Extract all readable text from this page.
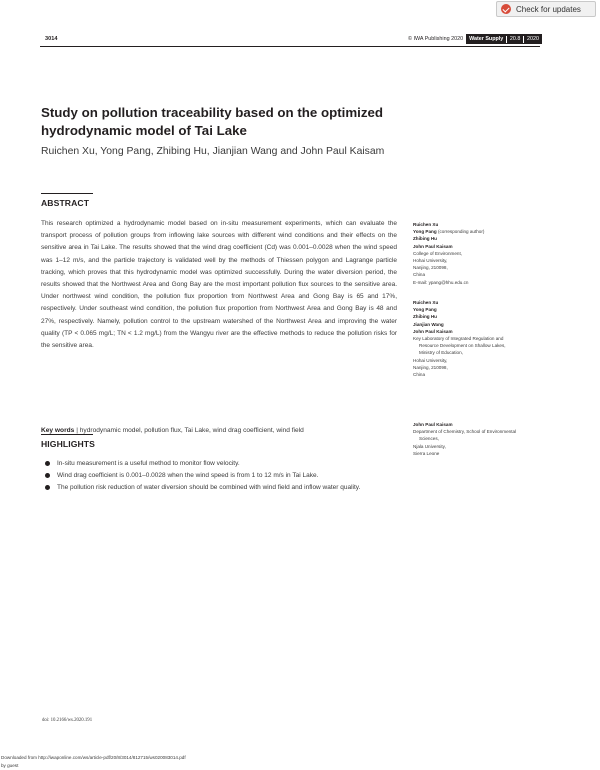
Check for updates
3014	© IWA Publishing 2020 Water Supply 20.8 2020
Study on pollution traceability based on the optimized hydrodynamic model of Tai Lake
Ruichen Xu, Yong Pang, Zhibing Hu, Jianjian Wang and John Paul Kaisam
ABSTRACT
This research optimized a hydrodynamic model based on in-situ measurement experiments, which can evaluate the transport process of pollution groups from inflowing lake sources with different wind conditions and their effects on the sensitive area in Tai Lake. The results showed that the wind drag coefficient (Cd) was 0.001–0.0028 when the wind speed was 1–12 m/s, and the particle trajectory is validated well by the methods of Thiessen polygon and Lagrange particle tracking, which proves that this hydrodynamic model was optimized successfully. During the water diversion period, the results showed that the Northwest Area and Gong Bay are the most important pollution flux sources to the sensitive area. Under northwest wind condition, the pollution flux proportion from Northwest Area and Gong Bay is 65 and 17%, respectively. Under southeast wind condition, the pollution flux proportion from Northwest Area and Gong Bay is 48 and 27%, respectively. Namely, pollution control to the upstream watershed of the Northwest Area and improving the water quality (TP < 0.065 mg/L; TN < 1.2 mg/L) from the Wangyu river are the effective methods to reduce the pollution risks for the sensitive area.
Key words | hydrodynamic model, pollution flux, Tai Lake, wind drag coefficient, wind field
HIGHLIGHTS
In-situ measurement is a useful method to monitor flow velocity.
Wind drag coefficient is 0.001–0.0028 when the wind speed is from 1 to 12 m/s in Tai Lake.
The pollution risk reduction of water diversion should be combined with wind field and inflow water quality.
Ruichen Xu
Yong Pang (corresponding author)
Zhibing Hu
John Paul Kaisam
College of Environment,
Hohai University,
Nanjing, 210098,
China
E-mail: ypang@hhu.edu.cn
Ruichen Xu
Yong Pang
Zhibing Hu
Jianjian Wang
John Paul Kaisam
Key Laboratory of Integrated Regulation and
Resource Development on Shallow Lakes,
Ministry of Education,
Hohai University,
Nanjing, 210098,
China
John Paul Kaisam
Department of Chemistry, School of Environmental
Sciences,
Njala University,
Sierra Leone
doi: 10.2166/ws.2020.191
Downloaded from http://iwaponline.com/ws/article-pdf/20/8/3014/812715/ws020083014.pdf
by guest
